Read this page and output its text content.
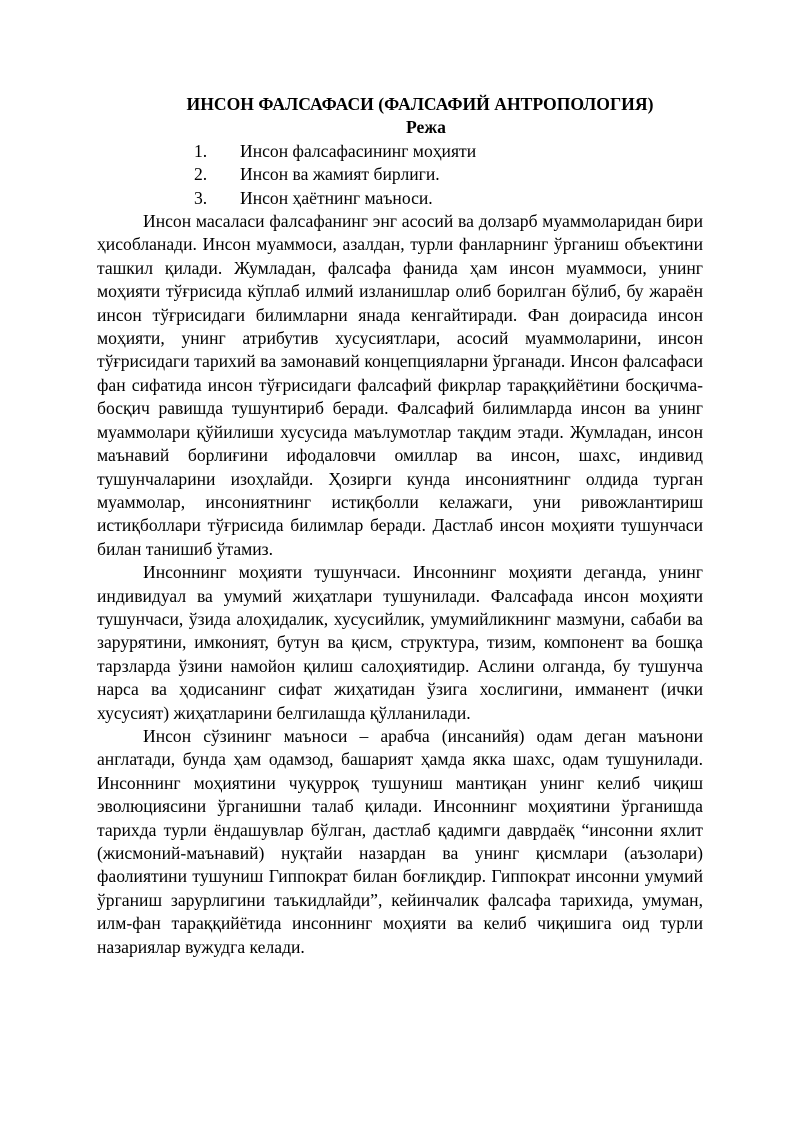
ИНСОН ФАЛСАФАСИ (ФАЛСАФИЙ АНТРОПОЛОГИЯ)
Режа
1. Инсон фалсафасининг моҳияти
2. Инсон ва жамият бирлиги.
3. Инсон ҳаётнинг маъноси.

Инсон масаласи фалсафанинг энг асосий ва долзарб муаммоларидан бири ҳисобланади. Инсон муаммоси, азалдан, турли фанларнинг ўрганиш объектини ташкил қилади. Жумладан, фалсафа фанида ҳам инсон муаммоси, унинг моҳияти тўғрисида кўплаб илмий изланишлар олиб борилган бўлиб, бу жараён инсон тўғрисидаги билимларни янада кенгайтиради. Фан доирасида инсон моҳияти, унинг атрибутив хусусиятлари, асосий муаммоларини, инсон тўғрисидаги тарихий ва замонавий концепцияларни ўрганади. Инсон фалсафаси фан сифатида инсон тўғрисидаги фалсафий фикрлар тараққийётини босқичма-босқич равишда тушунтириб беради. Фалсафий билимларда инсон ва унинг муаммолари қўйилиши хусусида маълумотлар тақдим этади. Жумладан, инсон маънавий борлиғини ифодаловчи омиллар ва инсон, шахс, индивид тушунчаларини изоҳлайди. Ҳозирги кунда инсониятнинг олдида турган муаммолар, инсониятнинг истиқболли келажаги, уни ривожлантириш истиқболлари тўғрисида билимлар беради. Дастлаб инсон моҳияти тушунчаси билан танишиб ўтамиз.

Инсоннинг моҳияти тушунчаси. Инсоннинг моҳияти деганда, унинг индивидуал ва умумий жиҳатлари тушунилади. Фалсафада инсон моҳияти тушунчаси, ўзида алоҳидалик, хусусийлик, умумийликнинг мазмуни, сабаби ва зарурятини, имконият, бутун ва қисм, структура, тизим, компонент ва бошқа тарзларда ўзини намойон қилиш салоҳиятидир. Аслини олганда, бу тушунча нарса ва ҳодисанинг сифат жиҳатидан ўзига хослигини, имманент (ички хусусият) жиҳатларини белгилашда қўлланилади.

Инсон сўзининг маъноси – арабча (инсанийя) одам деган маънони англатади, бунда ҳам одамзод, башарият ҳамда якка шахс, одам тушунилади. Инсоннинг моҳиятини чуқурроқ тушуниш мантиқан унинг келиб чиқиш эволюциясини ўрганишни талаб қилади. Инсоннинг моҳиятини ўрганишда тарихда турли ёндашувлар бўлган, дастлаб қадимги даврдаёқ “инсонни яхлит (жисмоний-маънавий) нуқтайи назардан ва унинг қисмлари (аъзолари) фаолиятини тушуниш Гиппократ билан боғлиқдир. Гиппократ инсонни умумий ўрганиш зарурлигини таъкидлайди”, кейинчалик фалсафа тарихида, умуман, илм-фан тараққийётида инсоннинг моҳияти ва келиб чиқишига оид турли назариялар вужудга келади.
